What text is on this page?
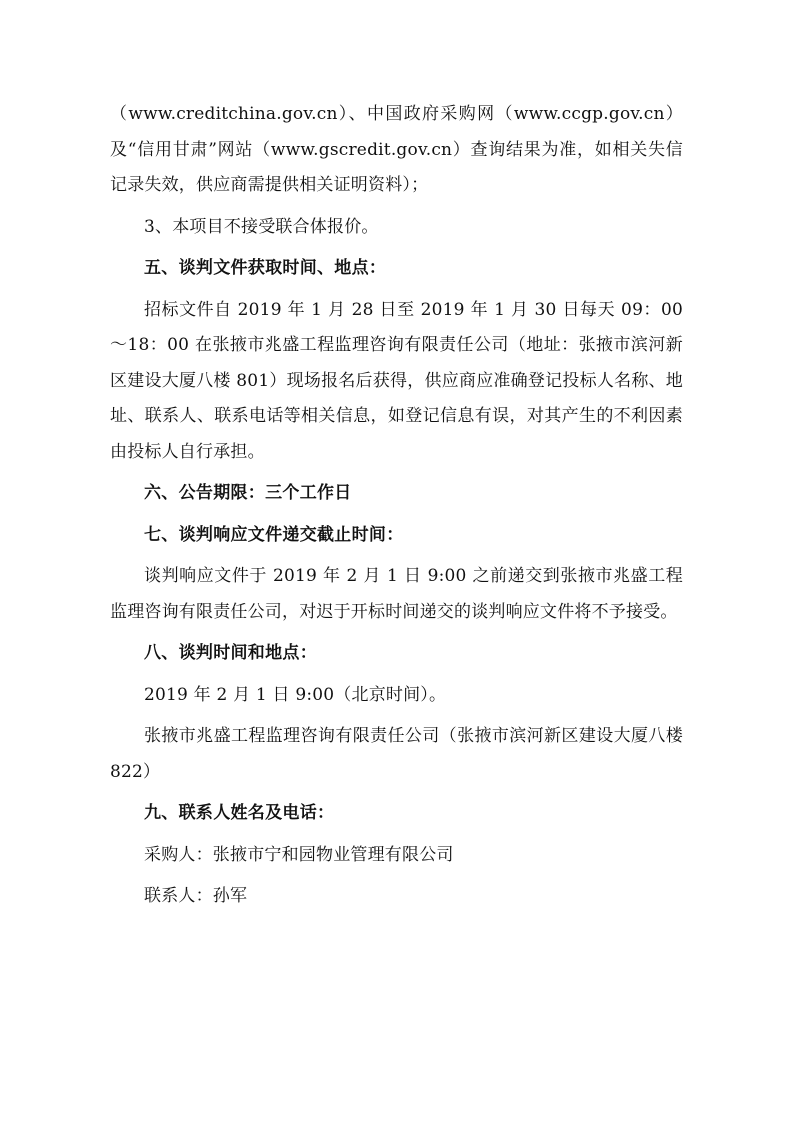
（www.creditchina.gov.cn）、中国政府采购网（www.ccgp.gov.cn）及“信用甘肃”网站（www.gscredit.gov.cn）查询结果为准，如相关失信记录失效，供应商需提供相关证明资料）；

3、本项目不接受联合体报价。

五、谈判文件获取时间、地点：

招标文件自 2019 年 1 月 28 日至 2019 年 1 月 30 日每天 09：00～18：00 在张掖市兆盛工程监理咨询有限责任公司（地址：张掖市滨河新区建设大厦八楼 801）现场报名后获得，供应商应准确登记投标人名称、地址、联系人、联系电话等相关信息，如登记信息有误，对其产生的不利因素由投标人自行承担。

六、公告期限：三个工作日

七、谈判响应文件递交截止时间：

谈判响应文件于 2019 年 2 月 1 日 9:00 之前递交到张掖市兆盛工程监理咨询有限责任公司，对迟于开标时间递交的谈判响应文件将不予接受。

八、谈判时间和地点：

2019 年 2 月 1 日 9:00（北京时间）。

张掖市兆盛工程监理咨询有限责任公司（张掖市滨河新区建设大厦八楼 822）

九、联系人姓名及电话：

采购人：张掖市宁和园物业管理有限公司

联系人：孙军
